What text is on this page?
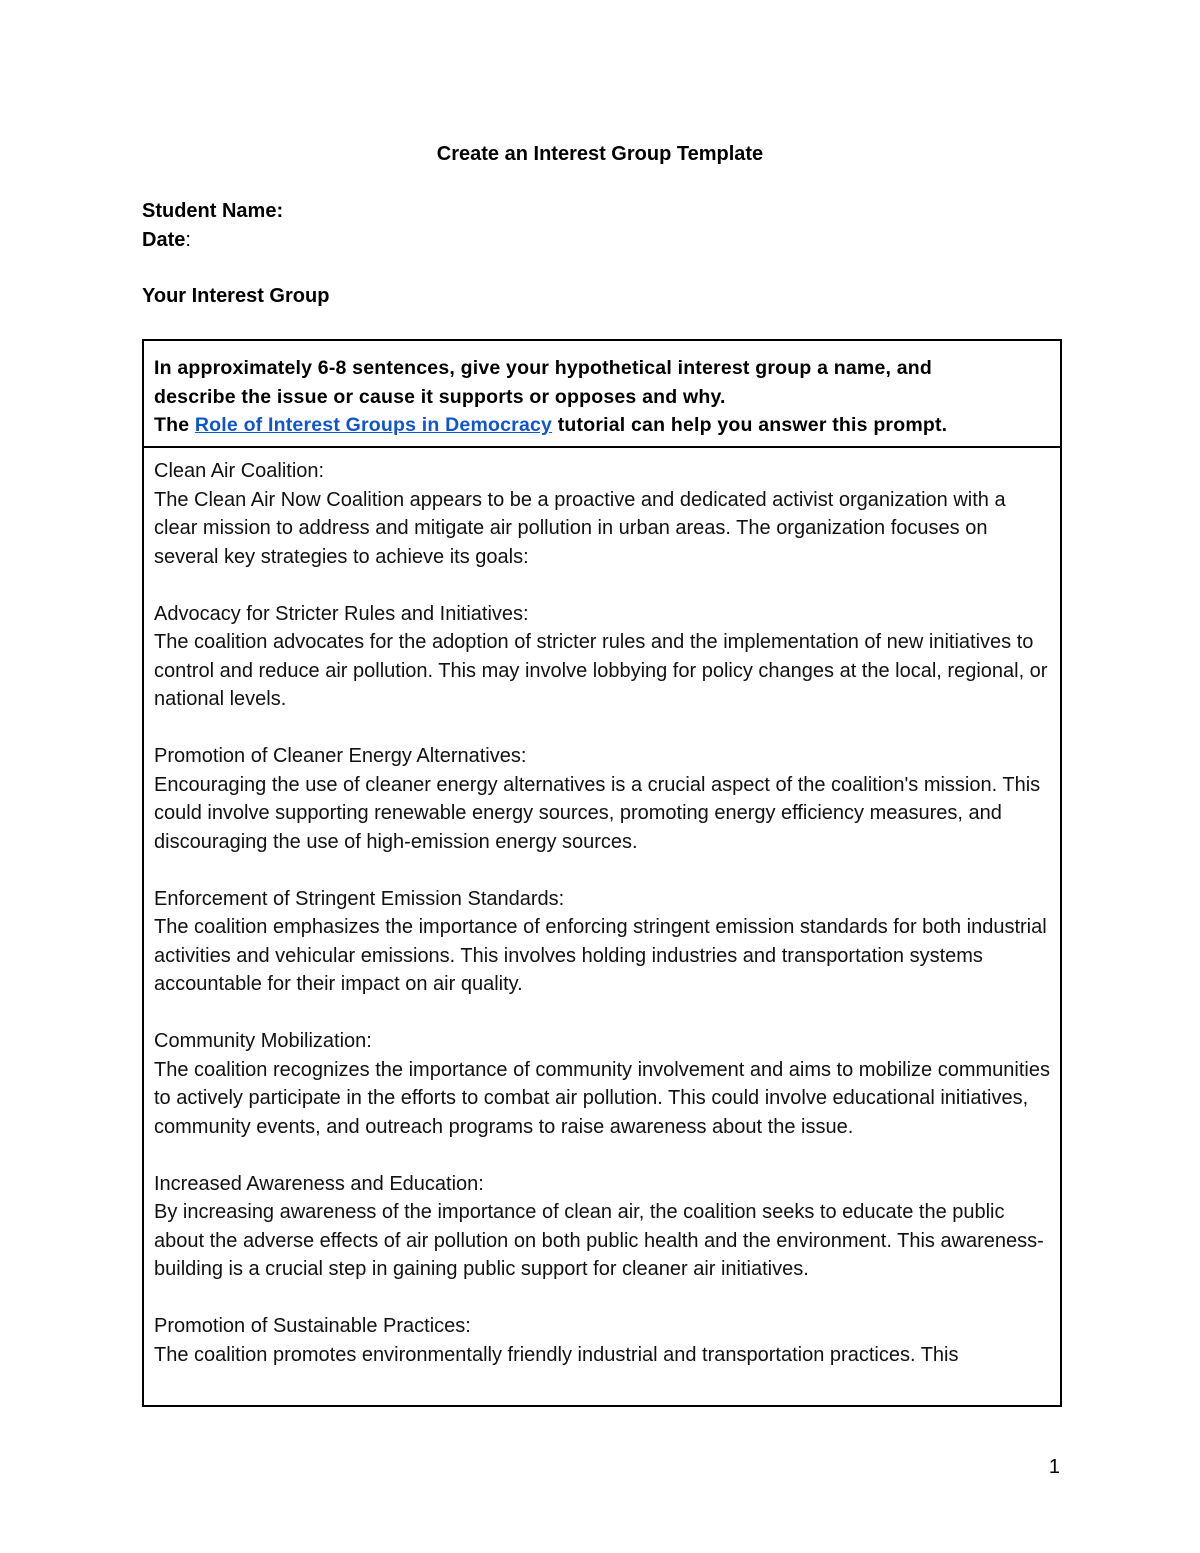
Create an Interest Group Template
Student Name:
Date:
Your Interest Group
In approximately 6-8 sentences, give your hypothetical interest group a name, and
describe the issue or cause it supports or opposes and why.
The Role of Interest Groups in Democracy tutorial can help you answer this prompt.

Clean Air Coalition:

The Clean Air Now Coalition appears to be a proactive and dedicated activist organization with a clear mission to address and mitigate air pollution in urban areas. The organization focuses on several key strategies to achieve its goals:

Advocacy for Stricter Rules and Initiatives:

The coalition advocates for the adoption of stricter rules and the implementation of new initiatives to control and reduce air pollution. This may involve lobbying for policy changes at the local, regional, or national levels.

Promotion of Cleaner Energy Alternatives:

Encouraging the use of cleaner energy alternatives is a crucial aspect of the coalition's mission. This could involve supporting renewable energy sources, promoting energy efficiency measures, and discouraging the use of high-emission energy sources.

Enforcement of Stringent Emission Standards:

The coalition emphasizes the importance of enforcing stringent emission standards for both industrial activities and vehicular emissions. This involves holding industries and transportation systems accountable for their impact on air quality.

Community Mobilization:

The coalition recognizes the importance of community involvement and aims to mobilize communities to actively participate in the efforts to combat air pollution. This could involve educational initiatives, community events, and outreach programs to raise awareness about the issue.

Increased Awareness and Education:

By increasing awareness of the importance of clean air, the coalition seeks to educate the public about the adverse effects of air pollution on both public health and the environment. This awareness-building is a crucial step in gaining public support for cleaner air initiatives.

Promotion of Sustainable Practices:

The coalition promotes environmentally friendly industrial and transportation practices. This

1
